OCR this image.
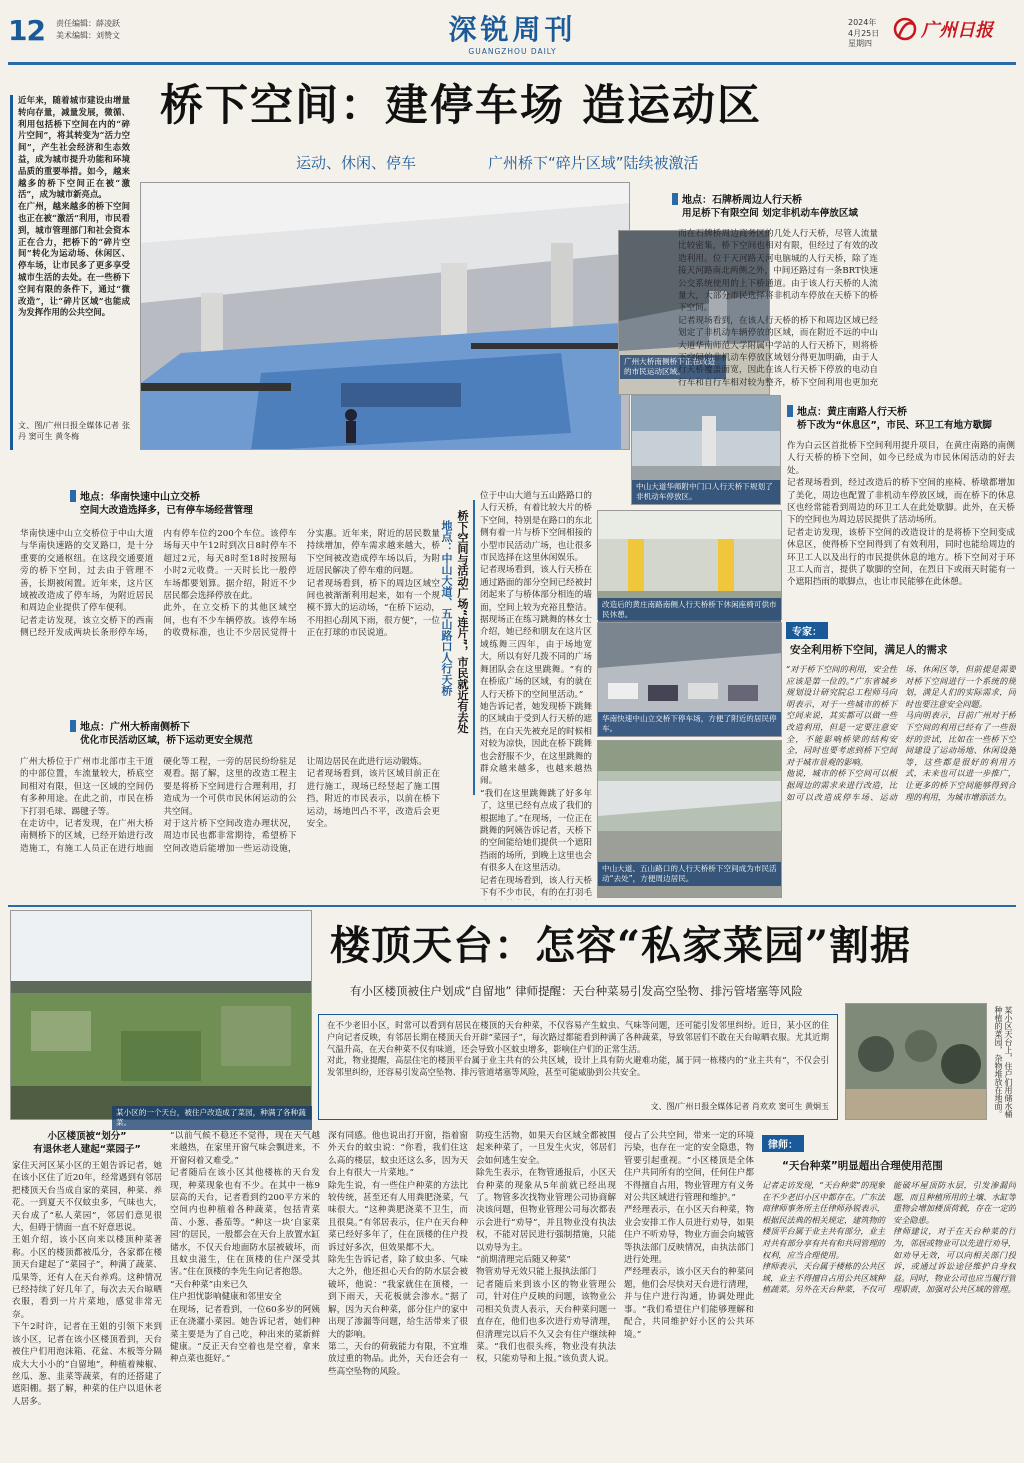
12 责任编辑：薛凌跃
美术编辑：刘赞文	深锐周刊
GUANGZHOU DAILY
2024年
4月25日
星期四
广州日报
桥下空间：建停车场 造运动区
运动、休闲、停车	广州桥下“碎片区域”陆续被激活
近年来，随着城市建设由增量转向存量，减量发展，微循、利用包括桥下空间在内的“碎片空间”，将其转变为“活力空间”，产生社会经济和生态效益，成为城市提升功能和环境品质的重要举措。如今，越来越多的桥下空间正在被“激活”，成为城市新亮点。
在广州，越来越多的桥下空间也正在被“激活”利用，市民看到，城市管理部门和社会资本正在合力，把桥下的“碎片空间”转化为运动场、休闲区、停车场，让市民多了更多享受城市生活的去处。在一些桥下空间有限的条件下，通过“微改造”，让“碎片区域”也能成为发挥作用的公共空间。
文、图/广州日报全媒体记者 张丹 窦可生 黄冬梅
广州大桥南侧桥下正在改造的市民运动区域。
地点：石牌桥周边人行天桥
用足桥下有限空间 划定非机动车停放区域
而在石牌桥周边商务区的几处人行天桥，尽管人流量比较密集，桥下空间也相对有限，但经过了有效的改造利用。位于天河路天河电脑城的人行天桥，除了连接天河路南北两侧之外，中间还路过有一条BRT快速公交系统使用的上下桥通道。由于该人行天桥的人流量大，大部分市民选择将非机动车停放在天桥下的桥下空间。
记者现场看到，在该人行天桥的桥下和周边区域已经划定了非机动车辆停放的区域，而在附近不远的中山大道华南师范大学附属中学站的人行天桥下，则将桥下空间的非机动车停放区域划分得更加明确，由于人行天桥覆盖面宽，因此在该人行天桥下停放的电动自行车和自行车相对较为整齐，桥下空间利用也更加充

中山大道华师附中门口人行天桥下规划了非机动车停放区。
地点：黄庄南路人行天桥
桥下改为“休息区”，市民、环卫工有地方歇脚
作为白云区首批桥下空间利用提升项目，在黄庄南路的南侧人行天桥的桥下空间，如今已经成为市民休闲活动的好去处。
记者现场看到，经过改造后的桥下空间的座椅、桥墩都增加了美化，周边也配置了非机动车停放区域，而在桥下的休息区也经常能看到周边的环卫工人在此处歇脚。此外，在天桥下的空间也为周边居民提供了活动场所。
记者走访发现，该桥下空间的改造设计的是将桥下空间变成休息区，使得桥下空间得到了有效利用，同时也能给周边的环卫工人以及出行的市民提供休息的地方。桥下空间对于环卫工人而言，提供了歇脚的空间，在烈日下或雨天时能有一个遮阳挡雨的歇脚点，也让市民能够在此休憩。
改造后的黄庄南路南侧人行天桥桥下休闲座椅可供市民休憩。
华南快速中山立交桥下停车场，方便了附近的居民停车。
中山大道、五山路口的人行天桥桥下空间成为市民活动“去处”，方便周边居民。
地点：华南快速中山立交桥
空间大改造选择多，已有停车场经营管理
华南快速中山立交桥位于中山大道与华南快速路的交叉路口，是十分重要的交通枢纽。在这段交通要道旁的桥下空间，过去由于管理不善，长期被闲置。近年来，这片区域被改造成了停车场，为附近居民和周边企业提供了停车便利。
记者走访发现，该立交桥下的西南侧已经开发成两块长条形停车场，内有停车位约200个车位。该停车场每天中午12时到次日8时停车不超过2元，每天8时至18时按照每小时2元收费。一天时长比一般停车场都要划算。据介绍，附近不少居民都会选择停放在此。
此外，在立交桥下的其他区域空间，也有不少车辆停放。该停车场的收费标准，也让不少居民觉得十分实惠。近年来，附近的居民数量持续增加，停车需求越来越大，桥下空间被改造成停车场以后，为附近居民解决了停车难的问题。
记者现场看到，桥下的周边区域空间也被渐渐利用起来，如有一个规模不算大的运动场，“在桥下运动，不用担心刮风下雨，很方便”，一位正在打球的市民说道。
地点：广州大桥南侧桥下
优化市民活动区域，桥下运动更安全规范
广州大桥位于广州市北部市主干道的中部位置，车流量较大，桥底空间相对有限，但这一区域的空间仍有多种用途。在此之前，市民在桥下打羽毛球、踢毽子等。
在走访中，记者发现，在广州大桥南侧桥下的区域，已经开始进行改造施工，有施工人员正在进行地面硬化等工程，一旁的居民纷纷驻足观看。据了解，这里的改造工程主要是将桥下空间进行合理利用，打造成为一个可供市民休闲运动的公共空间。
对于这片桥下空间改造办理状况，周边市民也都非常期待，希望桥下空间改造后能增加一些运动设施，让周边居民在此进行运动锻炼。
记者现场看到，该片区域目前正在进行施工，现场已经竖起了施工围挡，附近的市民表示，以前在桥下运动，场地凹凸不平，改造后会更安全。
桥下空间与活动广场“连片”，市民就近有去处
地点：中山大道、五山路口人行天桥
位于中山大道与五山路路口的人行天桥，有着比较大片的桥下空间，特别是在路口的东北侧有着一片与桥下空间相接的小型市民活动广场，也让很多市民选择在这里休闲娱乐。
记者现场看到，该人行天桥在通过路面的部分空间已经被封闭起来了与桥体部分相连的墙面，空间上较为充裕且整洁。据现场正在练习跳舞的林女士介绍，她已经和朋友在这片区域练舞三四年，由于场地宽大，所以有好几拨不同的广场舞团队会在这里跳舞。“有的在桥底广场的区域，有的就在人行天桥下的空间里活动。”
她告诉记者，她发现桥下跳舞的区域由于受到人行天桥的遮挡，在白天先被充足的时候相对较为凉快，因此在桥下跳舞也会舒服不少，在这里跳舞的群众越来越多，也越来越热闹。
“我们在这里跳舞跳了好多年了，这里已经有点成了我们的根据地了。”在现场，一位正在跳舞的阿姨告诉记者，天桥下的空间能给她们提供一个遮阳挡雨的场所，到晚上这里也会有很多人在这里活动。
记者在现场看到，该人行天桥下有不少市民，有的在打羽毛
专家：
安全利用桥下空间，满足人的需求
“对于桥下空间的利用，安全性应该是第一位的。”广东省城乡规划设计研究院总工程师马向明表示，对于一些城市的桥下空间来说，其实都可以做一些改造利用，但是一定要注意安全，不能影响桥梁的结构安全，同时也要考虑到桥下空间对于城市景观的影响。
他说，城市的桥下空间可以根据周边的需求来进行改造，比如可以改造成停车场、运动场、休闲区等，但前提是需要对桥下空间进行一个系统的规划，满足人们的实际需求，同时也要注意安全问题。
马向明表示，目前广州对于桥下空间的利用已经有了一些很好的尝试，比如在一些桥下空间建设了运动场地、休闲设施等，这些都是很好的利用方式，未来也可以进一步推广，让更多的桥下空间能够得到合理的利用，为城市增添活力。
某小区的一个天台，被住户改造成了菜园，种满了各种蔬菜。
楼顶天台：怎容“私家菜园”割据
有小区楼顶被住户划成“自留地” 律师提醒：天台种菜易引发高空坠物、排污管堵塞等风险
在不少老旧小区，时常可以看到有居民在楼顶的天台种菜，不仅容易产生蚊虫、气味等问题，还可能引发邻里纠纷。近日，某小区的住户向记者反映，有邻居长期在楼顶天台开辟“菜园子”，每次路过都能看到种满了各种蔬菜，导致邻居们不敢在天台晾晒衣服。尤其近期气温升高，在天台种菜不仅有味道，还会导致小区蚊虫增多，影响住户们的正常生活。
对此，物业提醒，高层住宅的楼顶平台属于业主共有的公共区域，设计上具有防火避难功能，属于同一栋楼内的“业主共有”，不仅会引发邻里纠纷，还容易引发高空坠物、排污管道堵塞等风险，甚至可能威胁到公共安全。
文、图/广州日报全媒体记者 肖欢欢 窦可生 黄炯玉	某小区天台上，住户们用储水桶种植的菜园，杂物堆放在地面。
小区楼顶被“划分”
有退休老人建起“菜园子”
家住天河区某小区的王姐告诉记者，她在该小区住了近20年，经常遇到有邻居把楼顶天台当成自家的菜园，种菜、养花。一到夏天不仅蚊虫多，气味也大，天台成了“私人菜园”，邻居们意见很大，但碍于情面一直不好意思说。
王姐介绍，该小区向来以楼顶种菜著称。小区的楼顶都被瓜分，各家都在楼顶天台建起了“菜园子”，种满了蔬菜、瓜果等，还有人在天台养鸡。这种情况已经持续了好几年了，每次去天台晾晒衣服，看到一片片菜地，感觉非常无奈。
下午2时许，记者在王姐的引领下来到该小区，记者在该小区楼顶看到，天台被住户们用泡沫箱、花盆、木板等分隔成大大小小的“自留地”，种植着辣椒、丝瓜、葱、韭菜等蔬菜，有的还搭建了遮阳棚。据了解，种菜的住户以退休老人居多。
“以前气候不稳还不觉得，现在天气越来越热，在家里开窗气味会飘进来，不开窗闷着又难受。”
记者随后在该小区其他楼栋的天台发现，种菜现象也有不少。在其中一栋9层高的天台，记者看到约200平方米的空间内也种植着各种蔬菜，包括青菜苗、小葱、番茄等。“种这一块‘自家菜园’的居民，一般都会在天台上放置水缸储水，不仅天台地面防水层被破坏，而且蚊虫滋生，住在顶楼的住户深受其害。”住在顶楼的李先生向记者抱怨。
“天台种菜”由来已久
住户担忧影响健康和邻里安全
在现场，记者看到，一位60多岁的阿姨正在浇灌小菜园。她告诉记者，她们种菜主要是为了自己吃，种出来的菜新鲜健康。“反正天台空着也是空着，拿来种点菜也挺好。”
深有同感。他也说出打开窗，指着窗外天台的蚊虫说：“你看，我们住这么高的楼层，蚊虫还这么多，因为天台上有很大一片菜地。”
除先生说，有一些住户种菜的方法比较传统，甚至还有人用粪肥浇菜，气味很大。“这种粪肥浇菜不卫生，而且很臭。”有邻居表示，住户在天台种菜已经好多年了，住在顶楼的住户投诉过好多次，但效果都不大。
除先生告诉记者，除了蚊虫多、气味大之外，他还担心天台的防水层会被破坏，他说：“我家就住在顶楼，一到下雨天，天花板就会渗水。”据了解，因为天台种菜，部分住户的家中出现了渗漏等问题，给生活带来了很大的影响。
第二，天台的荷载能力有限，不宜堆放过重的物品。此外，天台还会有一些高空坠物的风险。
防疫生活物，如果天台区域全都被围起来种菜了，一旦发生火灾，邻居们会如何逃生安全。
除先生表示，在物管通报后，小区天台种菜的现象从5年前就已经出现了。物管多次找物业管理公司协商解决该问题，但物业管理公司每次都表示会进行“劝导”，并且物业没有执法权，不能对居民进行强制措施，只能以劝导为主。
“前期清理完后随又种菜”
物管劝导无效只能上报执法部门
记者随后来到该小区的物业管理公司，针对住户反映的问题，该物业公司相关负责人表示，天台种菜问题一直存在，他们也多次进行劝导清理，但清理完以后不久又会有住户继续种菜。“我们也很头疼，物业没有执法权，只能劝导和上报。”该负责人说。
侵占了公共空间，带来一定的环境污染，也存在一定的安全隐患，物管要引起重视。“小区楼顶是全体住户共同所有的空间，任何住户都不得擅自占用，物业管理方有义务对公共区域进行管理和维护。”
严经理表示，在小区天台种菜，物业会安排工作人员进行劝导，如果住户不听劝导，物业方面会向城管等执法部门反映情况，由执法部门进行处理。
严经理表示，该小区天台的种菜问题，他们会尽快对天台进行清理，并与住户进行沟通，协调处理此事。“我们希望住户们能够理解和配合，共同维护好小区的公共环境。”
律师：
“天台种菜”明显超出合理使用范围
记者走访发现，“天台种菜”的现象在不少老旧小区中都存在。广东法商律师事务所主任律师孙锐表示，根据民法典的相关规定，建筑物的楼顶平台属于业主共有部分，业主对共有部分享有共有和共同管理的权利，应当合理使用。
律师表示，天台属于楼栋的公共区域，业主不得擅自占用公共区域种植蔬菜。另外在天台种菜，不仅可能破坏屋顶防水层，引发渗漏问题，而且种植所用的土壤、水缸等重物会增加楼顶荷载，存在一定的安全隐患。
律师建议，对于在天台种菜的行为，邻居或物业可以先进行劝导，如劝导无效，可以向相关部门投诉，或通过诉讼途径维护自身权益。同时，物业公司也应当履行管理职责，加强对公共区域的管理。
